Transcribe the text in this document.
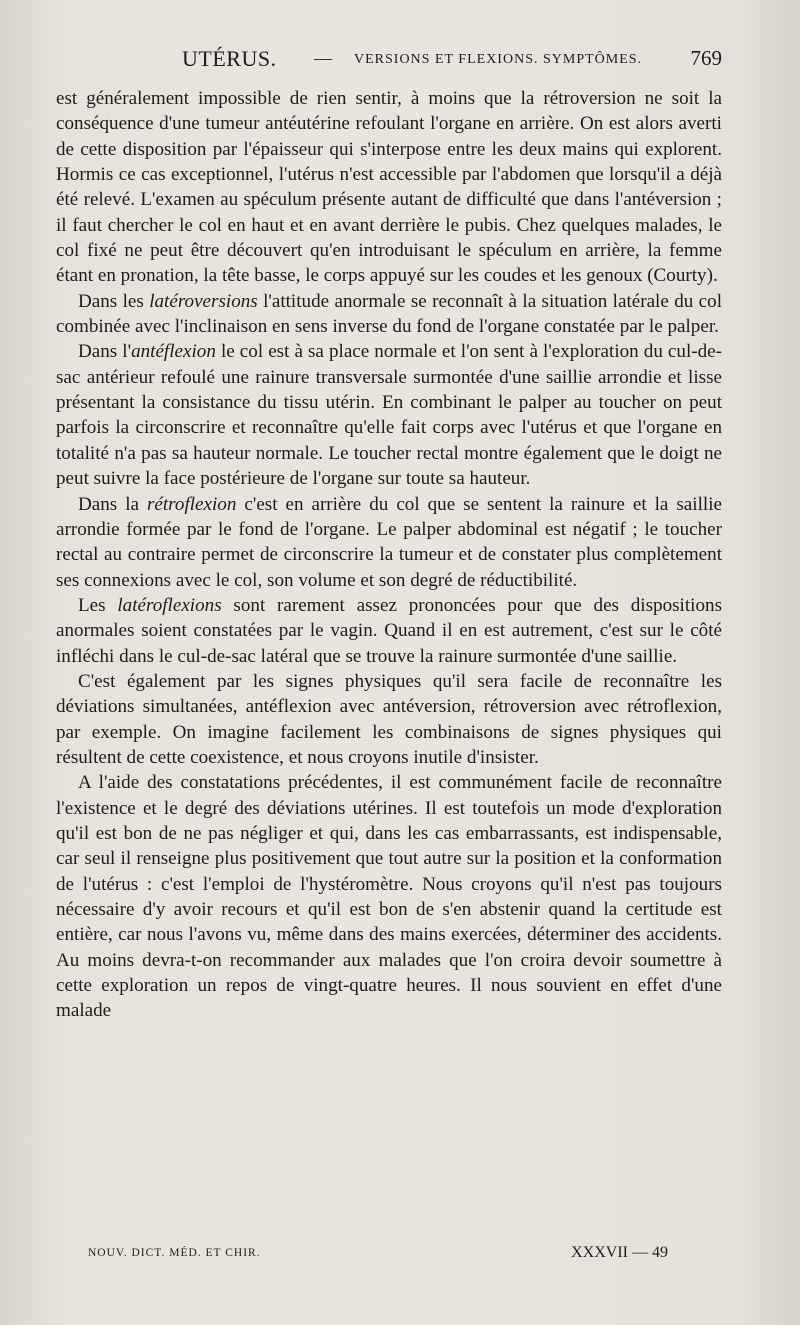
UTÉRUS. — VERSIONS ET FLEXIONS. SYMPTÔMES. 769

est généralement impossible de rien sentir, à moins que la rétroversion ne soit la conséquence d'une tumeur antéutérine refoulant l'organe en arrière. On est alors averti de cette disposition par l'épaisseur qui s'interpose entre les deux mains qui explorent. Hormis ce cas exceptionnel, l'utérus n'est accessible par l'abdomen que lorsqu'il a déjà été relevé. L'examen au spéculum présente autant de difficulté que dans l'antéversion ; il faut chercher le col en haut et en avant derrière le pubis. Chez quelques malades, le col fixé ne peut être découvert qu'en introduisant le spéculum en arrière, la femme étant en pronation, la tête basse, le corps appuyé sur les coudes et les genoux (Courty).

Dans les latéroversions l'attitude anormale se reconnaît à la situation latérale du col combinée avec l'inclinaison en sens inverse du fond de l'organe constatée par le palper.

Dans l'antéflexion le col est à sa place normale et l'on sent à l'exploration du cul-de-sac antérieur refoulé une rainure transversale surmontée d'une saillie arrondie et lisse présentant la consistance du tissu utérin. En combinant le palper au toucher on peut parfois la circonscrire et reconnaître qu'elle fait corps avec l'utérus et que l'organe en totalité n'a pas sa hauteur normale. Le toucher rectal montre également que le doigt ne peut suivre la face postérieure de l'organe sur toute sa hauteur.

Dans la rétroflexion c'est en arrière du col que se sentent la rainure et la saillie arrondie formée par le fond de l'organe. Le palper abdominal est négatif ; le toucher rectal au contraire permet de circonscrire la tumeur et de constater plus complètement ses connexions avec le col, son volume et son degré de réductibilité.

Les latéroflexions sont rarement assez prononcées pour que des dispositions anormales soient constatées par le vagin. Quand il en est autrement, c'est sur le côté infléchi dans le cul-de-sac latéral que se trouve la rainure surmontée d'une saillie.

C'est également par les signes physiques qu'il sera facile de reconnaître les déviations simultanées, antéflexion avec antéversion, rétroversion avec rétroflexion, par exemple. On imagine facilement les combinaisons de signes physiques qui résultent de cette coexistence, et nous croyons inutile d'insister.

A l'aide des constatations précédentes, il est communément facile de reconnaître l'existence et le degré des déviations utérines. Il est toutefois un mode d'exploration qu'il est bon de ne pas négliger et qui, dans les cas embarrassants, est indispensable, car seul il renseigne plus positivement que tout autre sur la position et la conformation de l'utérus : c'est l'emploi de l'hystéromètre. Nous croyons qu'il n'est pas toujours nécessaire d'y avoir recours et qu'il est bon de s'en abstenir quand la certitude est entière, car nous l'avons vu, même dans des mains exercées, déterminer des accidents. Au moins devra-t-on recommander aux malades que l'on croira devoir soumettre à cette exploration un repos de vingt-quatre heures. Il nous souvient en effet d'une malade

NOUV. DICT. MÉD. ET CHIR.	XXXVII — 49
